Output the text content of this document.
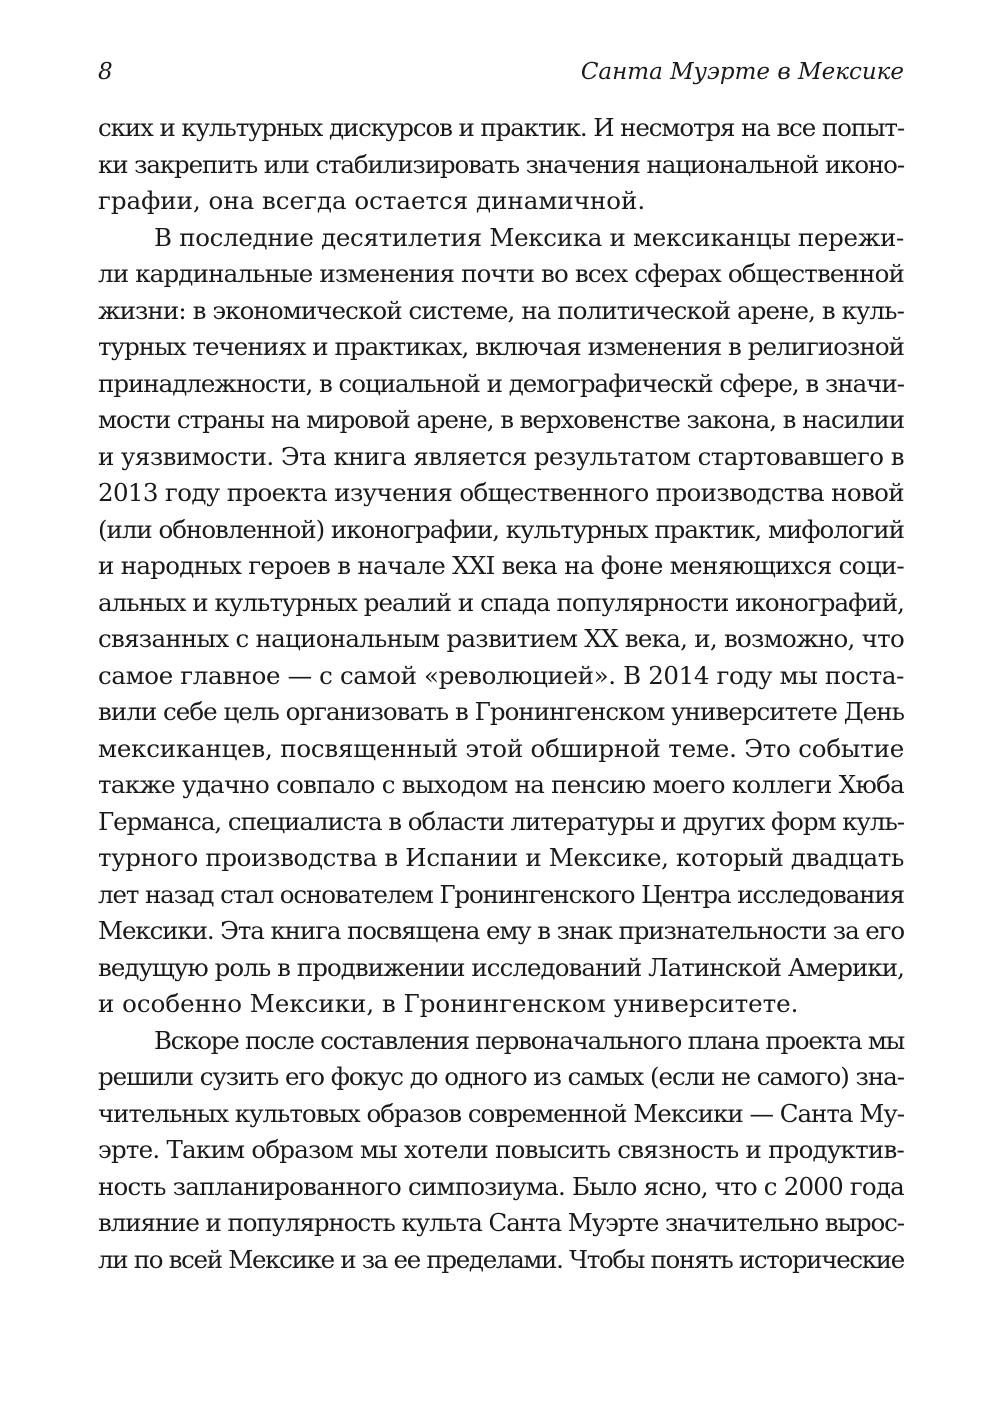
8	Санта Муэрте в Мексике

ских и культурных дискурсов и практик. И несмотря на все попыт-
ки закрепить или стабилизировать значения национальной иконо-
графии, она всегда остается динамичной.

В последние десятилетия Мексика и мексиканцы пережи-
ли кардинальные изменения почти во всех сферах общественной
жизни: в экономической системе, на политической арене, в куль-
турных течениях и практиках, включая изменения в религиозной
принадлежности, в социальной и демографическй сфере, в значи-
мости страны на мировой арене, в верховенстве закона, в насилии
и уязвимости. Эта книга является результатом стартовавшего в
2013 году проекта изучения общественного производства новой
(или обновленной) иконографии, культурных практик, мифологий
и народных героев в начале XXI века на фоне меняющихся соци-
альных и культурных реалий и спада популярности иконографий,
связанных с национальным развитием XX века, и, возможно, что
самое главное — с самой «революцией». В 2014 году мы поста-
вили себе цель организовать в Гронингенском университете День
мексиканцев, посвященный этой обширной теме. Это событие
также удачно совпало с выходом на пенсию моего коллеги Хюба
Германса, специалиста в области литературы и других форм куль-
турного производства в Испании и Мексике, который двадцать
лет назад стал основателем Гронингенского Центра исследования
Мексики. Эта книга посвящена ему в знак признательности за его
ведущую роль в продвижении исследований Латинской Америки,
и особенно Мексики, в Гронингенском университете.

Вскоре после составления первоначального плана проекта мы
решили сузить его фокус до одного из самых (если не самого) зна-
чительных культовых образов современной Мексики — Санта Му-
эрте. Таким образом мы хотели повысить связность и продуктив-
ность запланированного симпозиума. Было ясно, что с 2000 года
влияние и популярность культа Санта Муэрте значительно вырос-
ли по всей Мексике и за ее пределами. Чтобы понять исторические
